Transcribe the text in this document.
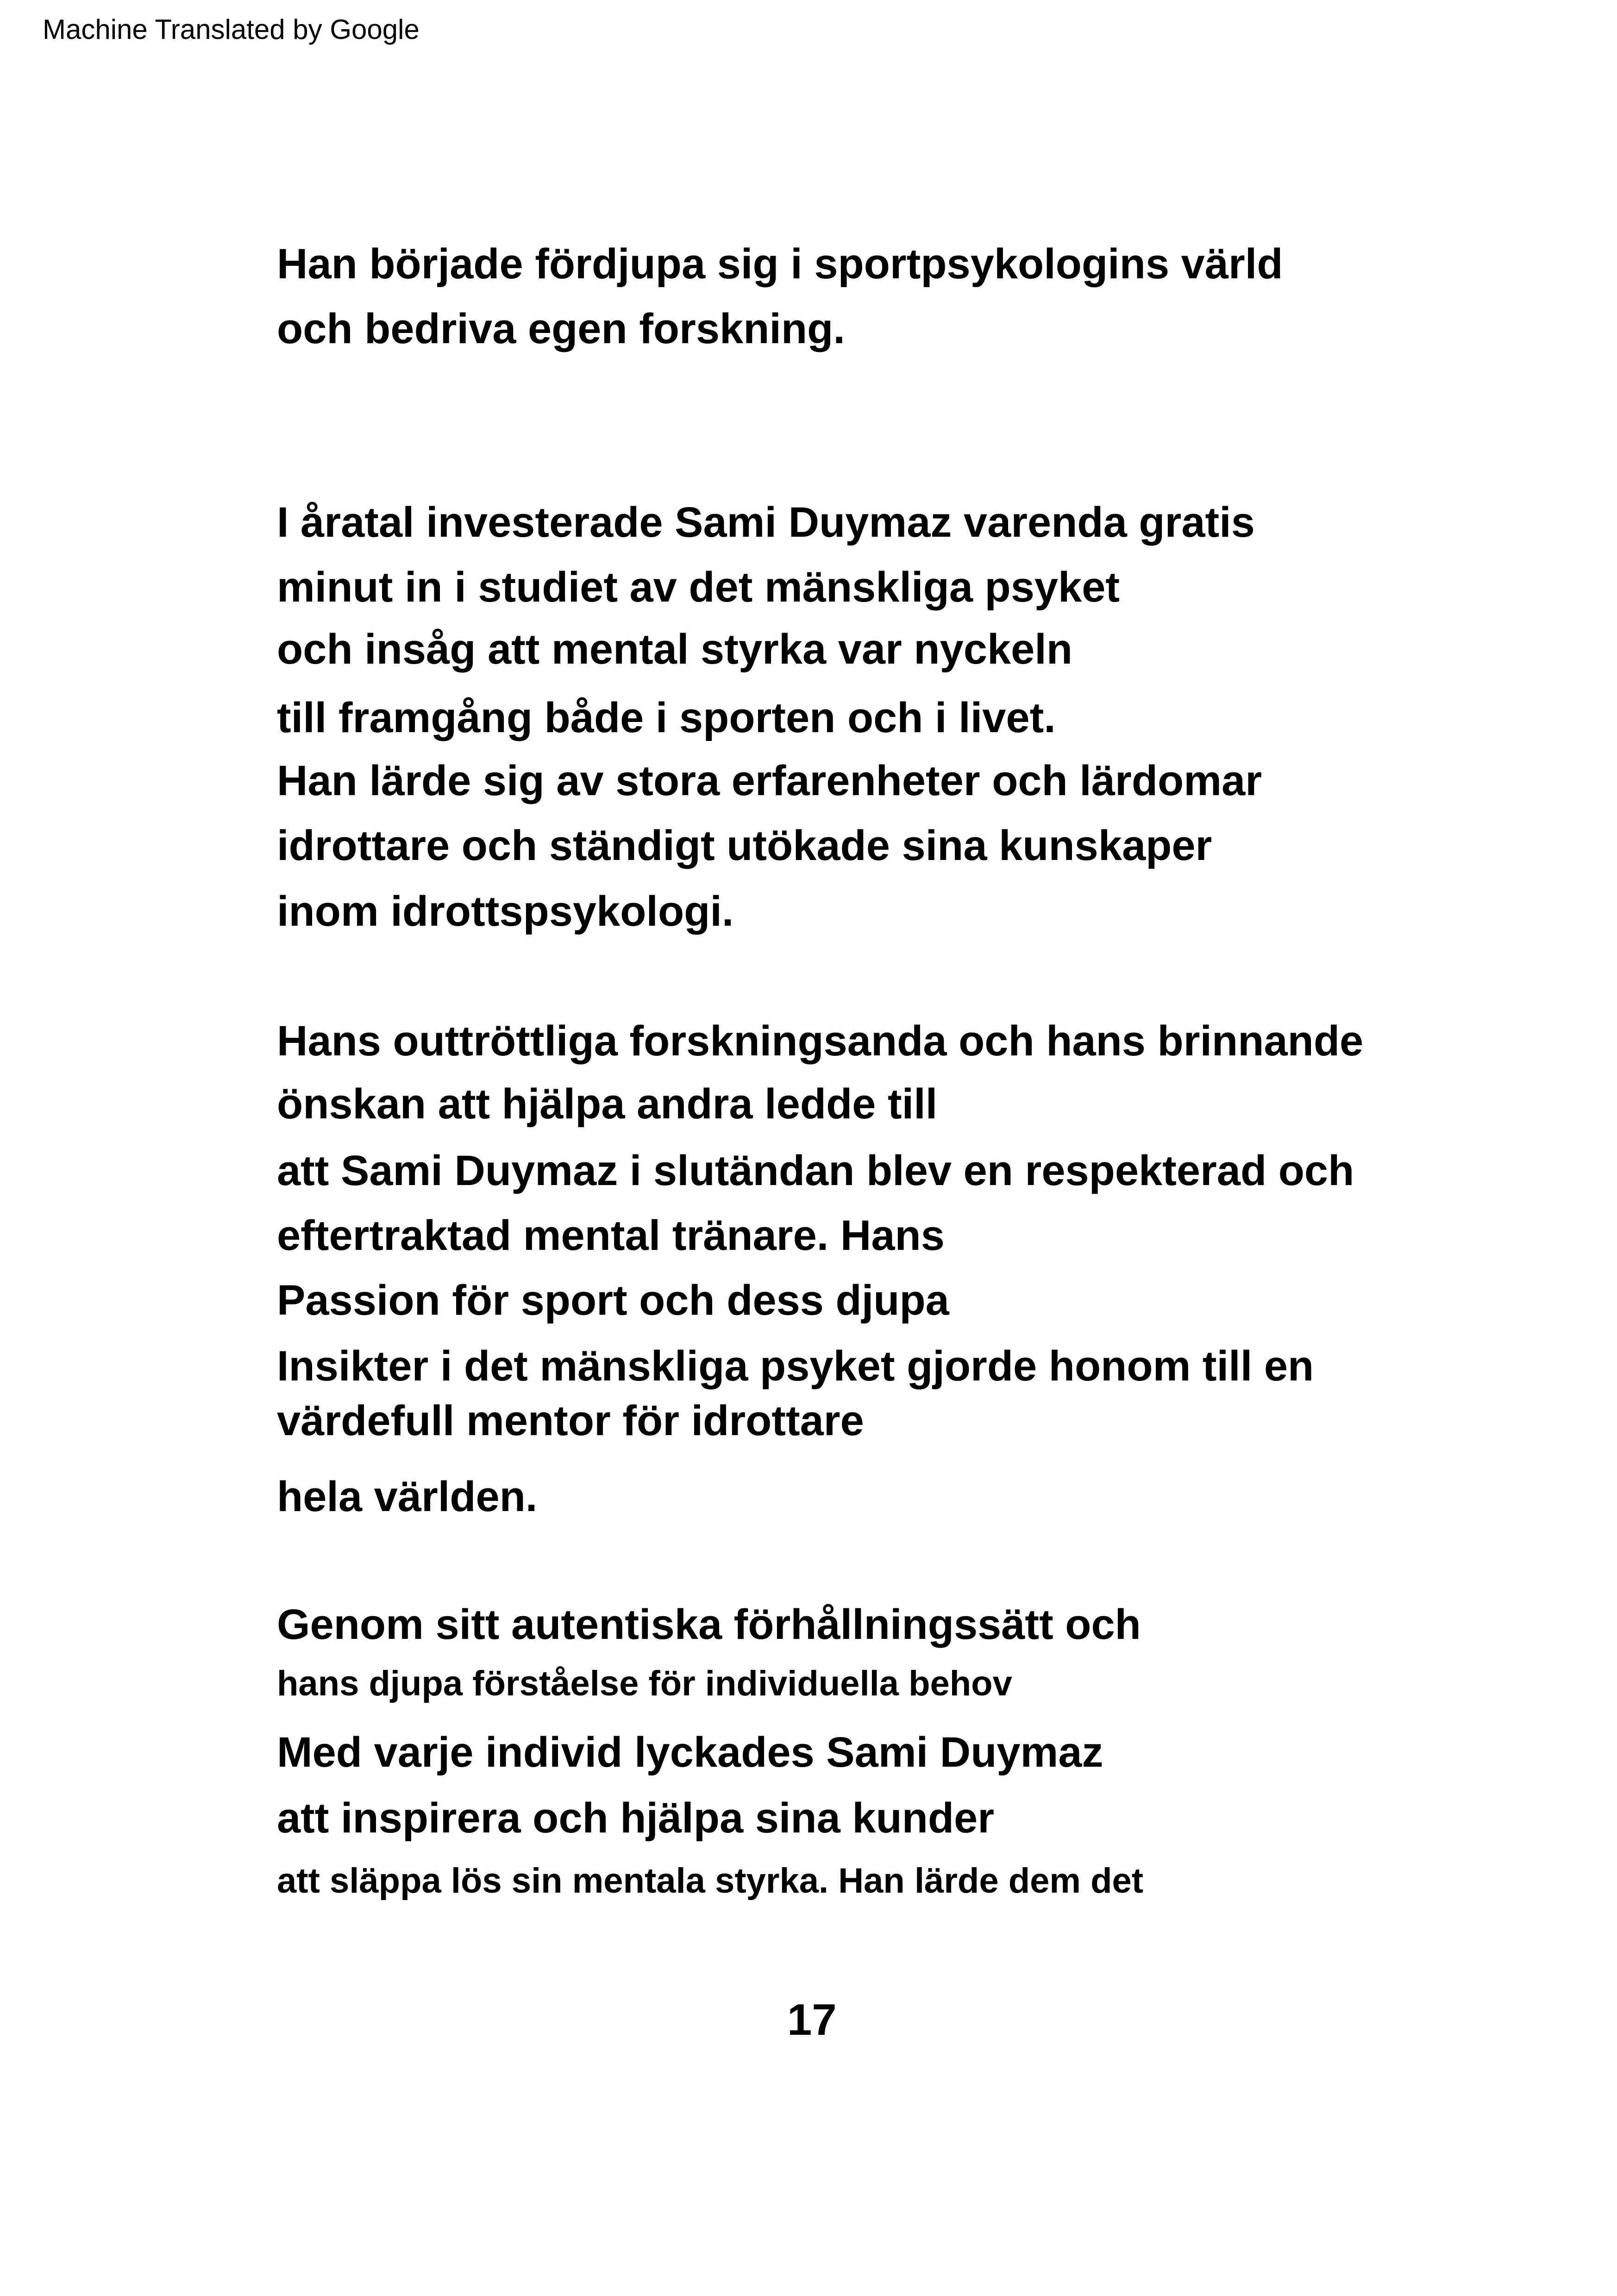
Machine Translated by Google
Han började fördjupa sig i sportpsykologins värld
och bedriva egen forskning.
I åratal investerade Sami Duymaz varenda gratis
minut in i studiet av det mänskliga psyket
och insåg att mental styrka var nyckeln
till framgång både i sporten och i livet.
Han lärde sig av stora erfarenheter och lärdomar
idrottare och ständigt utökade sina kunskaper
inom idrottspsykologi.
Hans outtröttliga forskningsanda och hans brinnande
önskan att hjälpa andra ledde till
att Sami Duymaz i slutändan blev en respekterad och
eftertraktad mental tränare. Hans
Passion för sport och dess djupa
Insikter i det mänskliga psyket gjorde honom till en
värdefull mentor för idrottare
hela världen.
Genom sitt autentiska förhållningssätt och
hans djupa förståelse för individuella behov
Med varje individ lyckades Sami Duymaz
att inspirera och hjälpa sina kunder
att släppa lös sin mentala styrka. Han lärde dem det
17
